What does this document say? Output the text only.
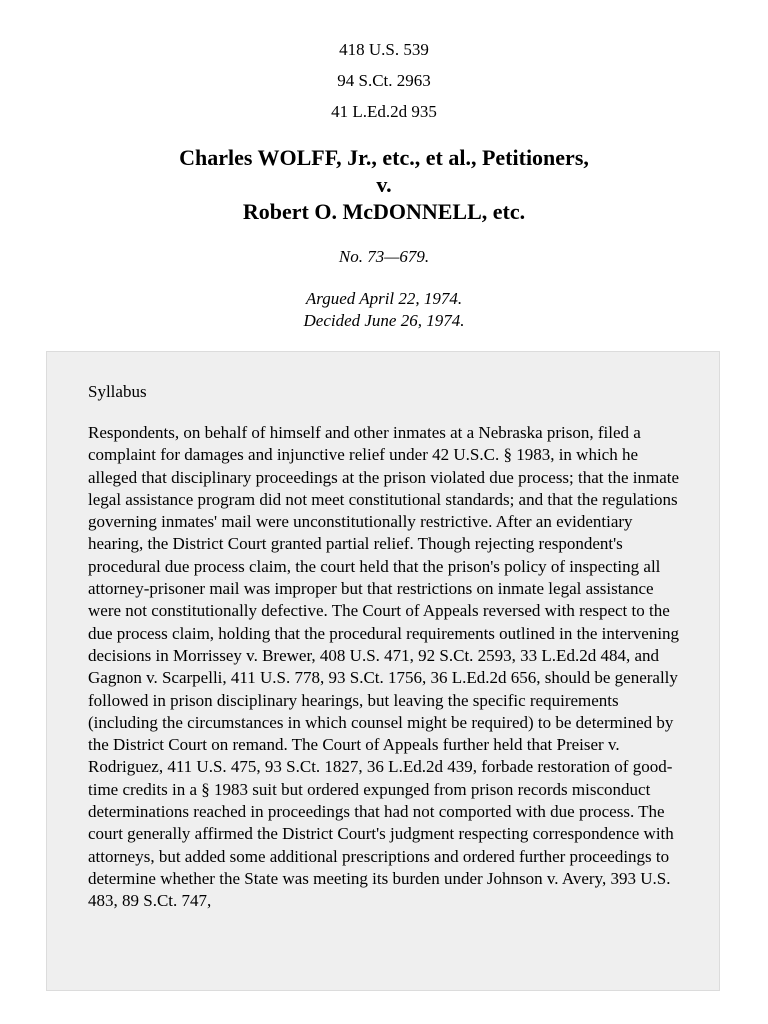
418 U.S. 539
94 S.Ct. 2963
41 L.Ed.2d 935
Charles WOLFF, Jr., etc., et al., Petitioners,
v.
Robert O. McDONNELL, etc.
No. 73—679.
Argued April 22, 1974.
Decided June 26, 1974.
Syllabus
Respondents, on behalf of himself and other inmates at a Nebraska prison, filed a complaint for damages and injunctive relief under 42 U.S.C. § 1983, in which he alleged that disciplinary proceedings at the prison violated due process; that the inmate legal assistance program did not meet constitutional standards; and that the regulations governing inmates' mail were unconstitutionally restrictive. After an evidentiary hearing, the District Court granted partial relief. Though rejecting respondent's procedural due process claim, the court held that the prison's policy of inspecting all attorney-prisoner mail was improper but that restrictions on inmate legal assistance were not constitutionally defective. The Court of Appeals reversed with respect to the due process claim, holding that the procedural requirements outlined in the intervening decisions in Morrissey v. Brewer, 408 U.S. 471, 92 S.Ct. 2593, 33 L.Ed.2d 484, and Gagnon v. Scarpelli, 411 U.S. 778, 93 S.Ct. 1756, 36 L.Ed.2d 656, should be generally followed in prison disciplinary hearings, but leaving the specific requirements (including the circumstances in which counsel might be required) to be determined by the District Court on remand. The Court of Appeals further held that Preiser v. Rodriguez, 411 U.S. 475, 93 S.Ct. 1827, 36 L.Ed.2d 439, forbade restoration of good-time credits in a § 1983 suit but ordered expunged from prison records misconduct determinations reached in proceedings that had not comported with due process. The court generally affirmed the District Court's judgment respecting correspondence with attorneys, but added some additional prescriptions and ordered further proceedings to determine whether the State was meeting its burden under Johnson v. Avery, 393 U.S. 483, 89 S.Ct. 747,
